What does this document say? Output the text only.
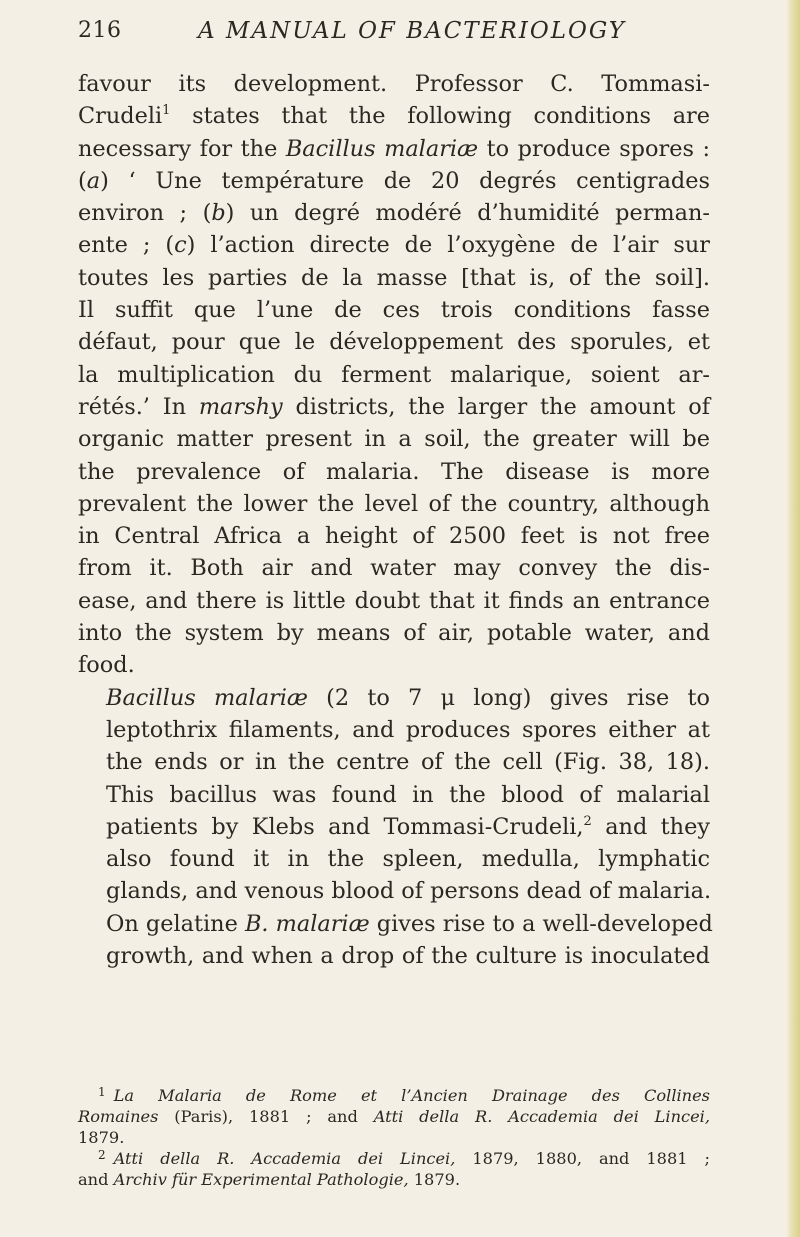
216	A MANUAL OF BACTERIOLOGY

favour its development. Professor C. Tommasi-
Crudeli$^1$ states that the following conditions are
necessary for the Bacillus malariæ to produce spores :
(a) ‘ Une température de 20 degrés centigrades
environ ; (b) un degré modéré d’humidité perman-
ente ; (c) l’action directe de l’oxygène de l’air sur
toutes les parties de la masse [that is, of the soil].
Il suffit que l’une de ces trois conditions fasse
défaut, pour que le développement des sporules, et
la multiplication du ferment malarique, soient ar-
rétés.’ In marshy districts, the larger the amount of
organic matter present in a soil, the greater will be
the prevalence of malaria. The disease is more
prevalent the lower the level of the country, although
in Central Africa a height of 2500 feet is not free
from it. Both air and water may convey the dis-
ease, and there is little doubt that it finds an entrance
into the system by means of air, potable water, and
food.

Bacillus malariæ (2 to 7 μ long) gives rise to
leptothrix filaments, and produces spores either at
the ends or in the centre of the cell (Fig. 38, 18).
This bacillus was found in the blood of malarial
patients by Klebs and Tommasi-Crudeli,$^2$ and they
also found it in the spleen, medulla, lymphatic
glands, and venous blood of persons dead of malaria.
On gelatine B. malariæ gives rise to a well-developed
growth, and when a drop of the culture is inoculated

$^1$ La Malaria de Rome et l’Ancien Drainage des Collines
Romaines (Paris), 1881 ; and Atti della R. Accademia dei Lincei,
1879.
$^2$ Atti della R. Accademia dei Lincei, 1879, 1880, and 1881 ;
and Archiv für Experimental Pathologie, 1879.
